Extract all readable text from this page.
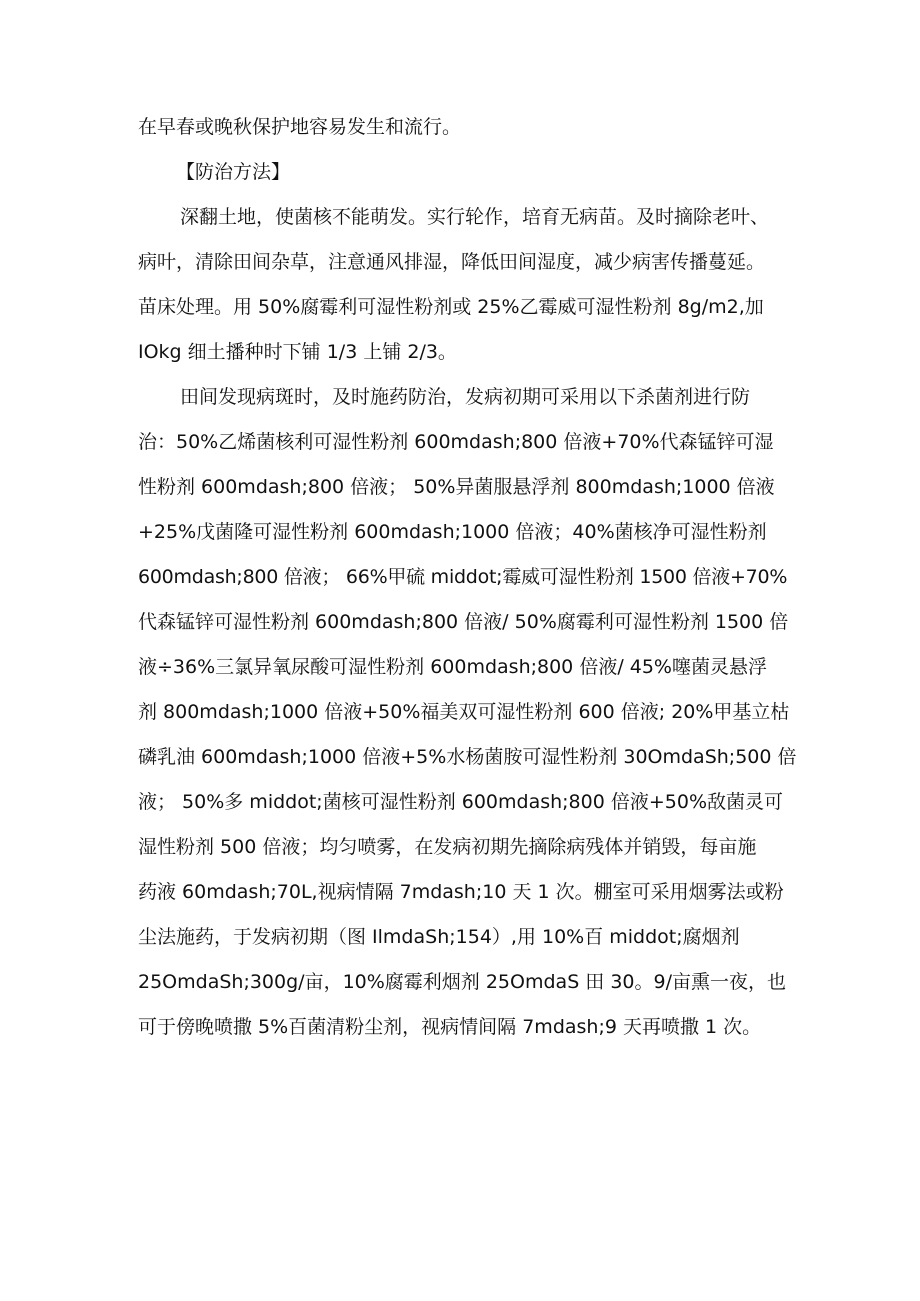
在早春或晚秋保护地容易发生和流行。
【防治方法】
深翻土地，使菌核不能萌发。实行轮作，培育无病苗。及时摘除老叶、
病叶，清除田间杂草，注意通风排湿，降低田间湿度，减少病害传播蔓延。
苗床处理。用 50%腐霉利可湿性粉剂或 25%乙霉威可湿性粉剂 8g∕m2,加
IOkg 细土播种时下铺 1/3 上铺 2/3。
田间发现病斑时，及时施药防治，发病初期可采用以下杀菌剂进行防
治：50%乙烯菌核利可湿性粉剂 600mdash;800 倍液+70%代森锰锌可湿
性粉剂 600mdash;800 倍液； 50%异菌服悬浮剂 800mdash;1000 倍液
+25%戊菌隆可湿性粉剂 600mdash;1000 倍液；40%菌核净可湿性粉剂
600mdash;800 倍液； 66%甲硫 middot;霉威可湿性粉剂 1500 倍液+70%
代森锰锌可湿性粉剂 600mdash;800 倍液∕ 50%腐霉利可湿性粉剂 1500 倍
液÷36%三氯异氧尿酸可湿性粉剂 600mdash;800 倍液∕ 45%噻菌灵悬浮
剂 800mdash;1000 倍液+50%福美双可湿性粉剂 600 倍液; 20%甲基立枯
磷乳油 600mdash;1000 倍液+5%水杨菌胺可湿性粉剂 30OmdaSh;500 倍
液； 50%多 middot;菌核可湿性粉剂 600mdash;800 倍液+50%敌菌灵可
湿性粉剂 500 倍液；均匀喷雾，在发病初期先摘除病残体并销毁，每亩施
药液 60mdash;70L,视病情隔 7mdash;10 天 1 次。棚室可采用烟雾法或粉
尘法施药，于发病初期（图 IlmdaSh;154）,用 10%百 middot;腐烟剂
25OmdaSh;300g/亩，10%腐霉利烟剂 25OmdaS 田 30。9/亩熏一夜，也
可于傍晚喷撒 5%百菌清粉尘剂，视病情间隔 7mdash;9 天再喷撒 1 次。
